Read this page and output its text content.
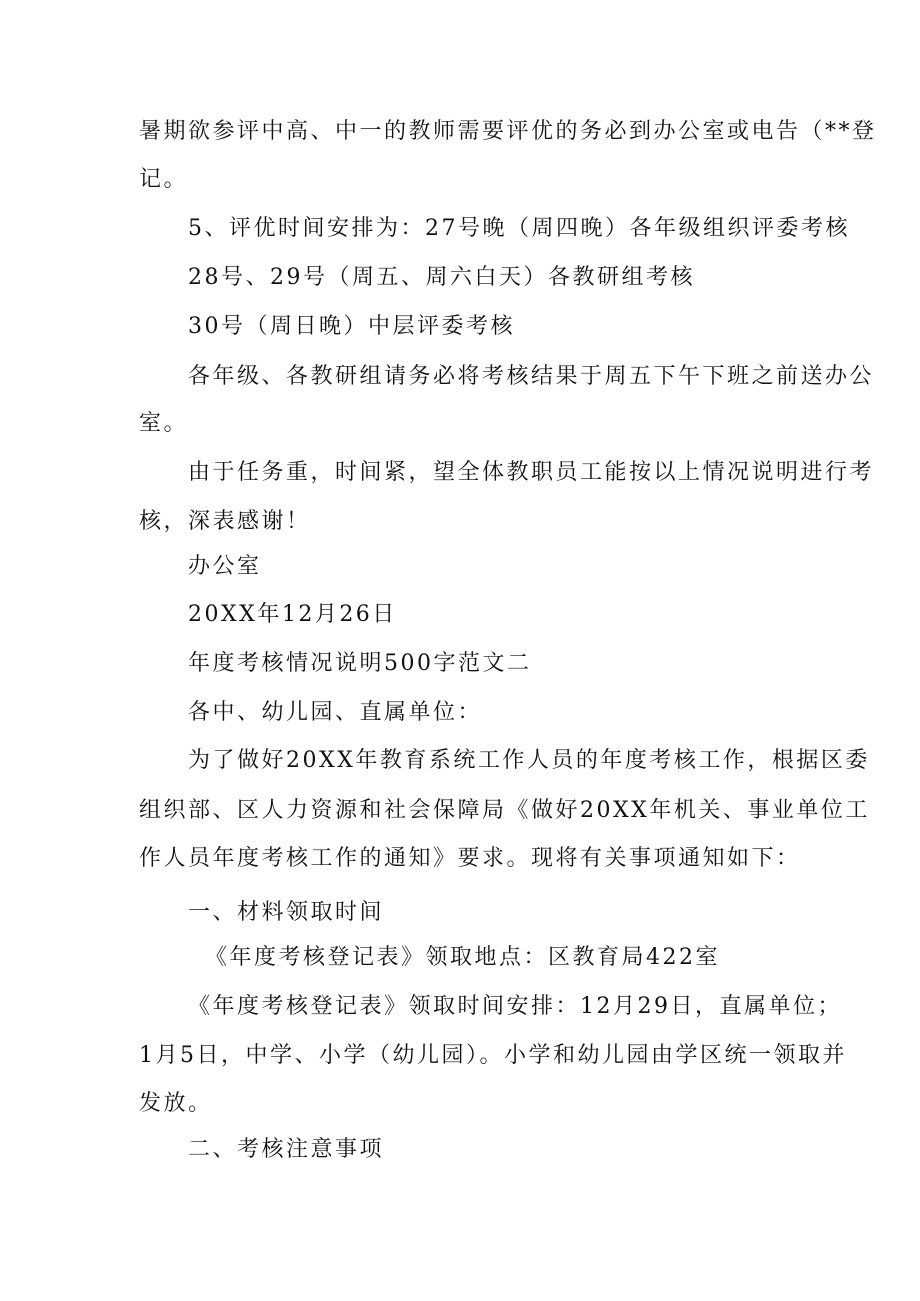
暑期欲参评中高、中一的教师需要评优的务必到办公室或电告（**登
记。
5、评优时间安排为：27号晚（周四晚）各年级组织评委考核
28号、29号（周五、周六白天）各教研组考核
30号（周日晚）中层评委考核
各年级、各教研组请务必将考核结果于周五下午下班之前送办公
室。
由于任务重，时间紧，望全体教职员工能按以上情况说明进行考
核，深表感谢！
办公室
20XX年12月26日
年度考核情况说明500字范文二
各中、幼儿园、直属单位：
为了做好20XX年教育系统工作人员的年度考核工作，根据区委
组织部、区人力资源和社会保障局《做好20XX年机关、事业单位工
作人员年度考核工作的通知》要求。现将有关事项通知如下：
一、材料领取时间
《年度考核登记表》领取地点：区教育局422室
《年度考核登记表》领取时间安排：12月29日，直属单位；
1月5日，中学、小学（幼儿园）。小学和幼儿园由学区统一领取并
发放。
二、考核注意事项
